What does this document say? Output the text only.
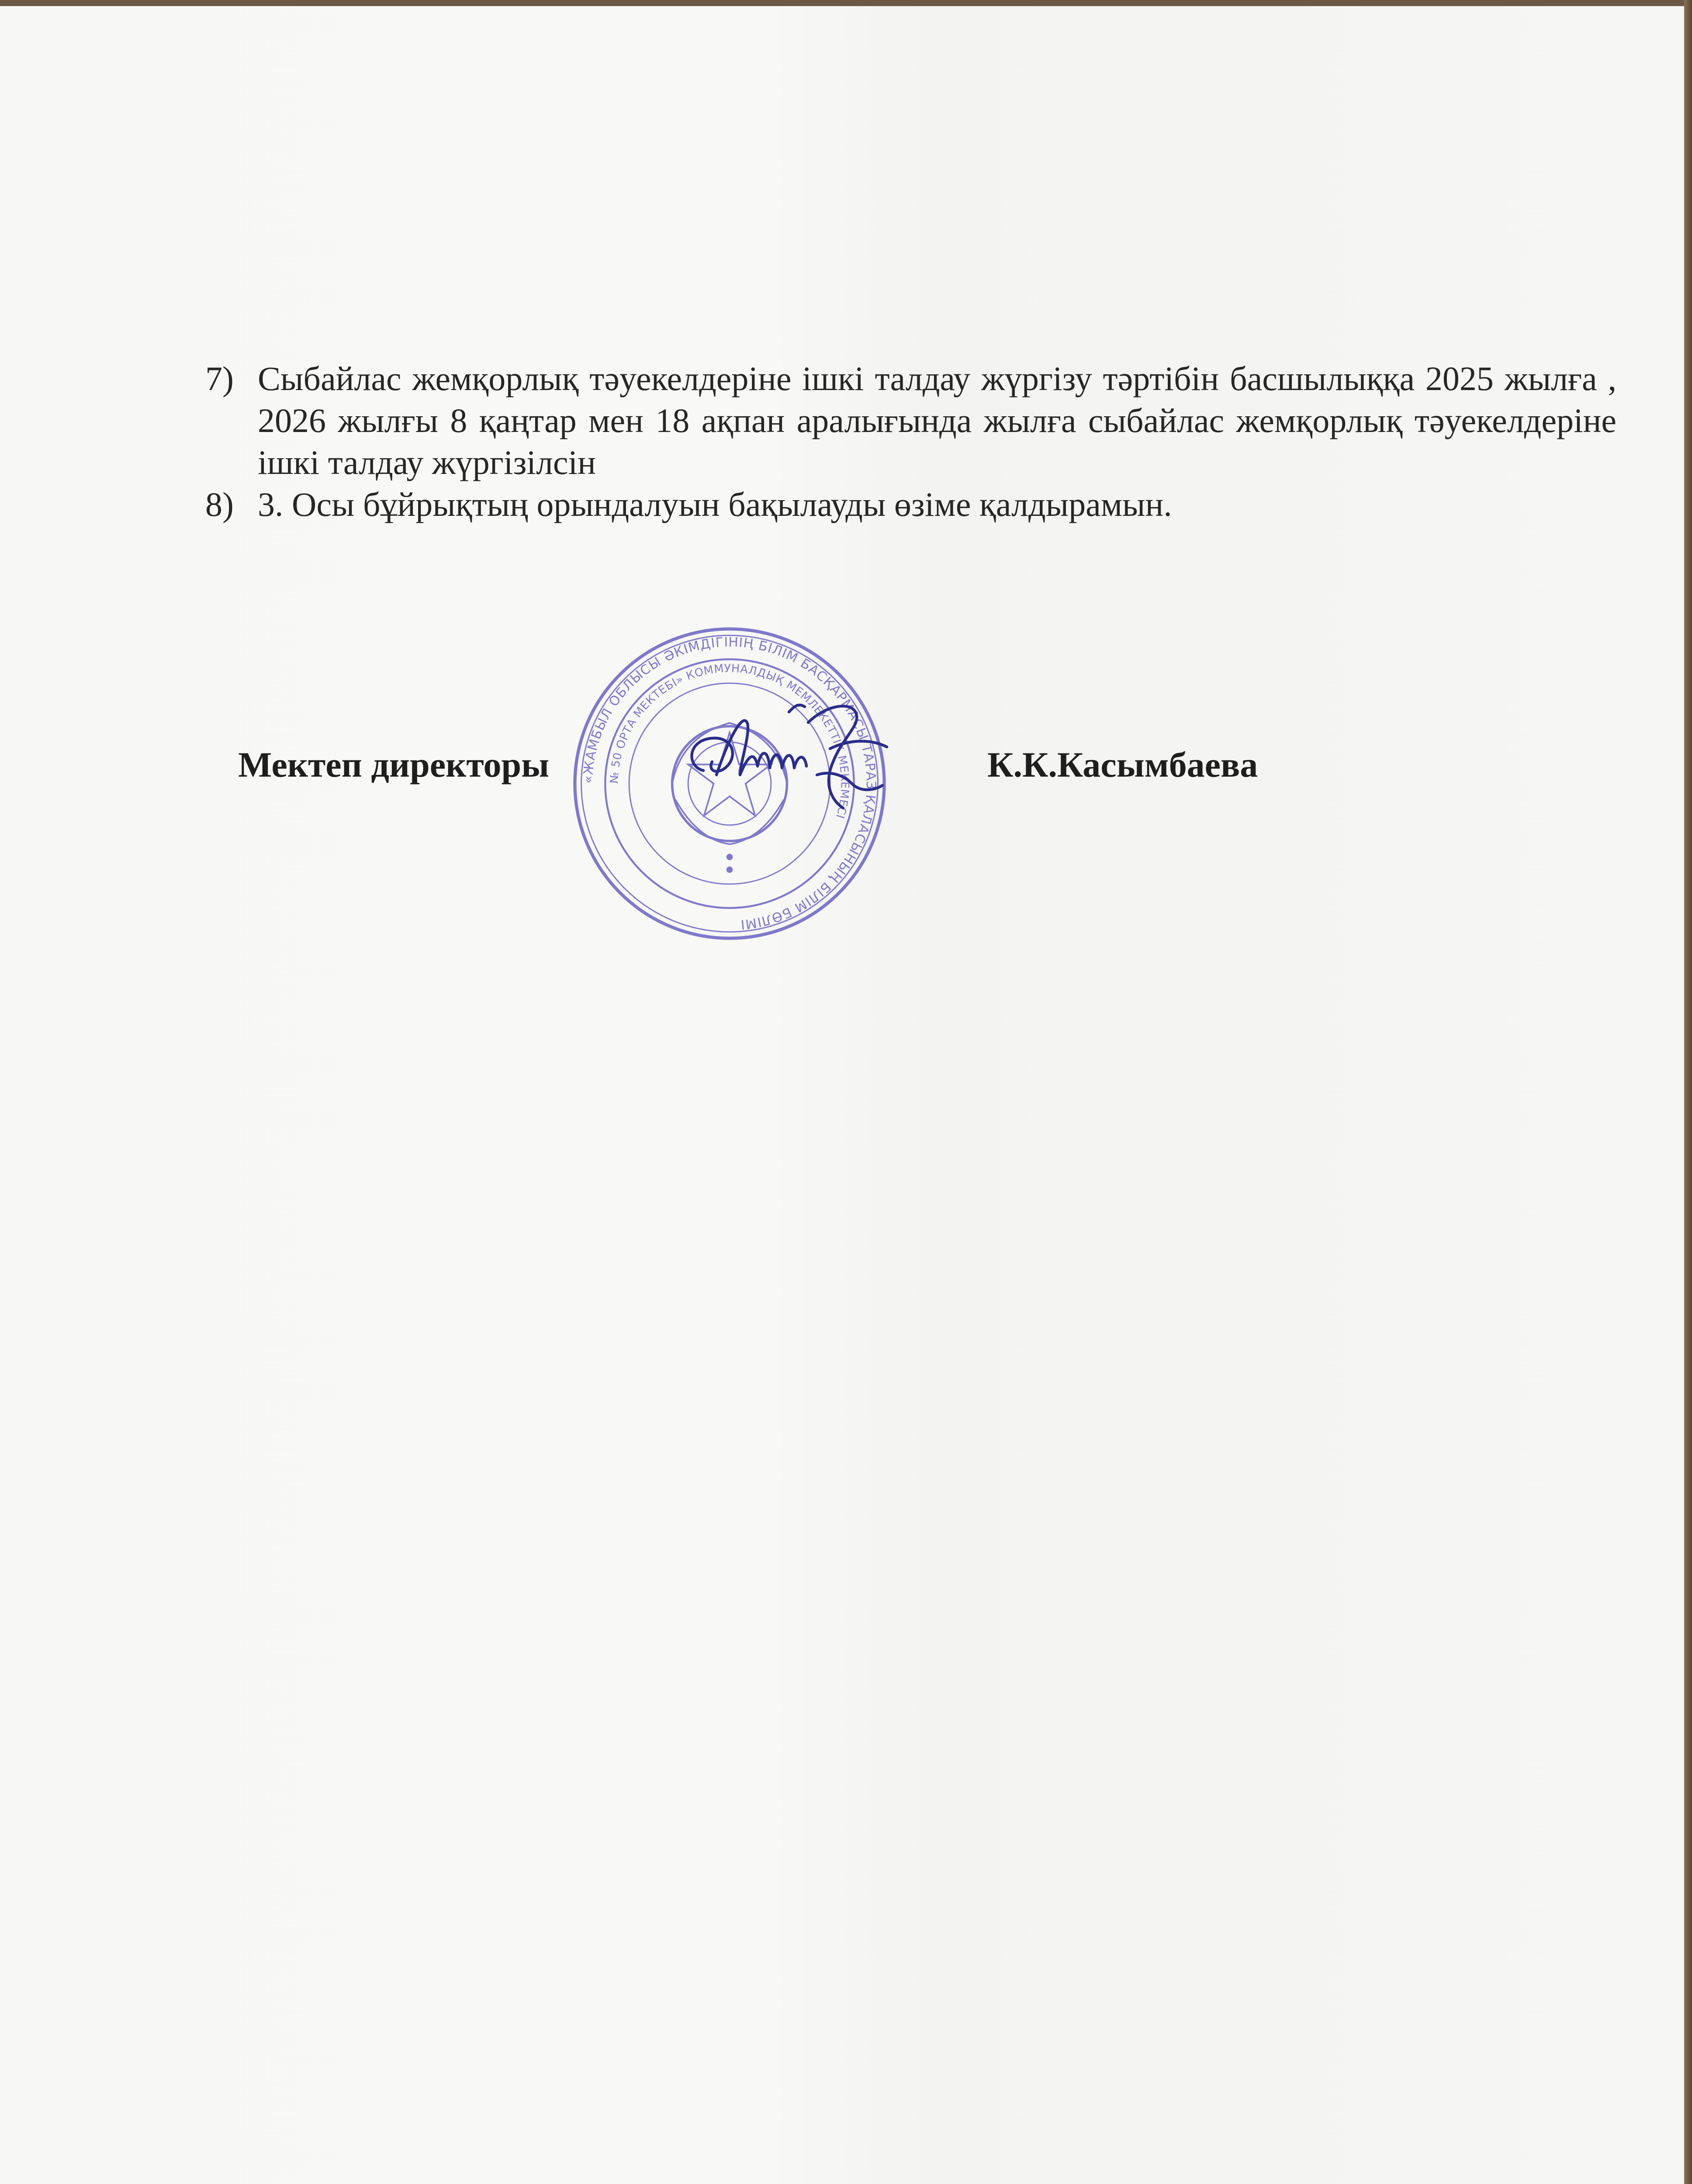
7) Сыбайлас жемқорлық тәуекелдеріне ішкі талдау жүргізу тәртібін басшылыққа 2025 жылға , 2026 жылғы 8 қаңтар мен 18 ақпан аралығында жылға сыбайлас жемқорлық тәуекелдеріне ішкі талдау жүргізілсін
8) 3. Осы бұйрықтың орындалуын бақылауды өзіме қалдырамын.
«ЖАМБЫЛ ОБЛЫСЫ ӘКІМДІГІНІҢ БІЛІМ БАСҚАРМАСЫ ТАРАЗ ҚАЛАСЫНЫҢ БІЛІМ БӨЛІМІ
№ 50 ОРТА МЕКТЕБІ» КОММУНАЛДЫҚ МЕМЛЕКЕТТІК МЕКЕМЕСІ
Мектеп директоры	К.К.Касымбаева
